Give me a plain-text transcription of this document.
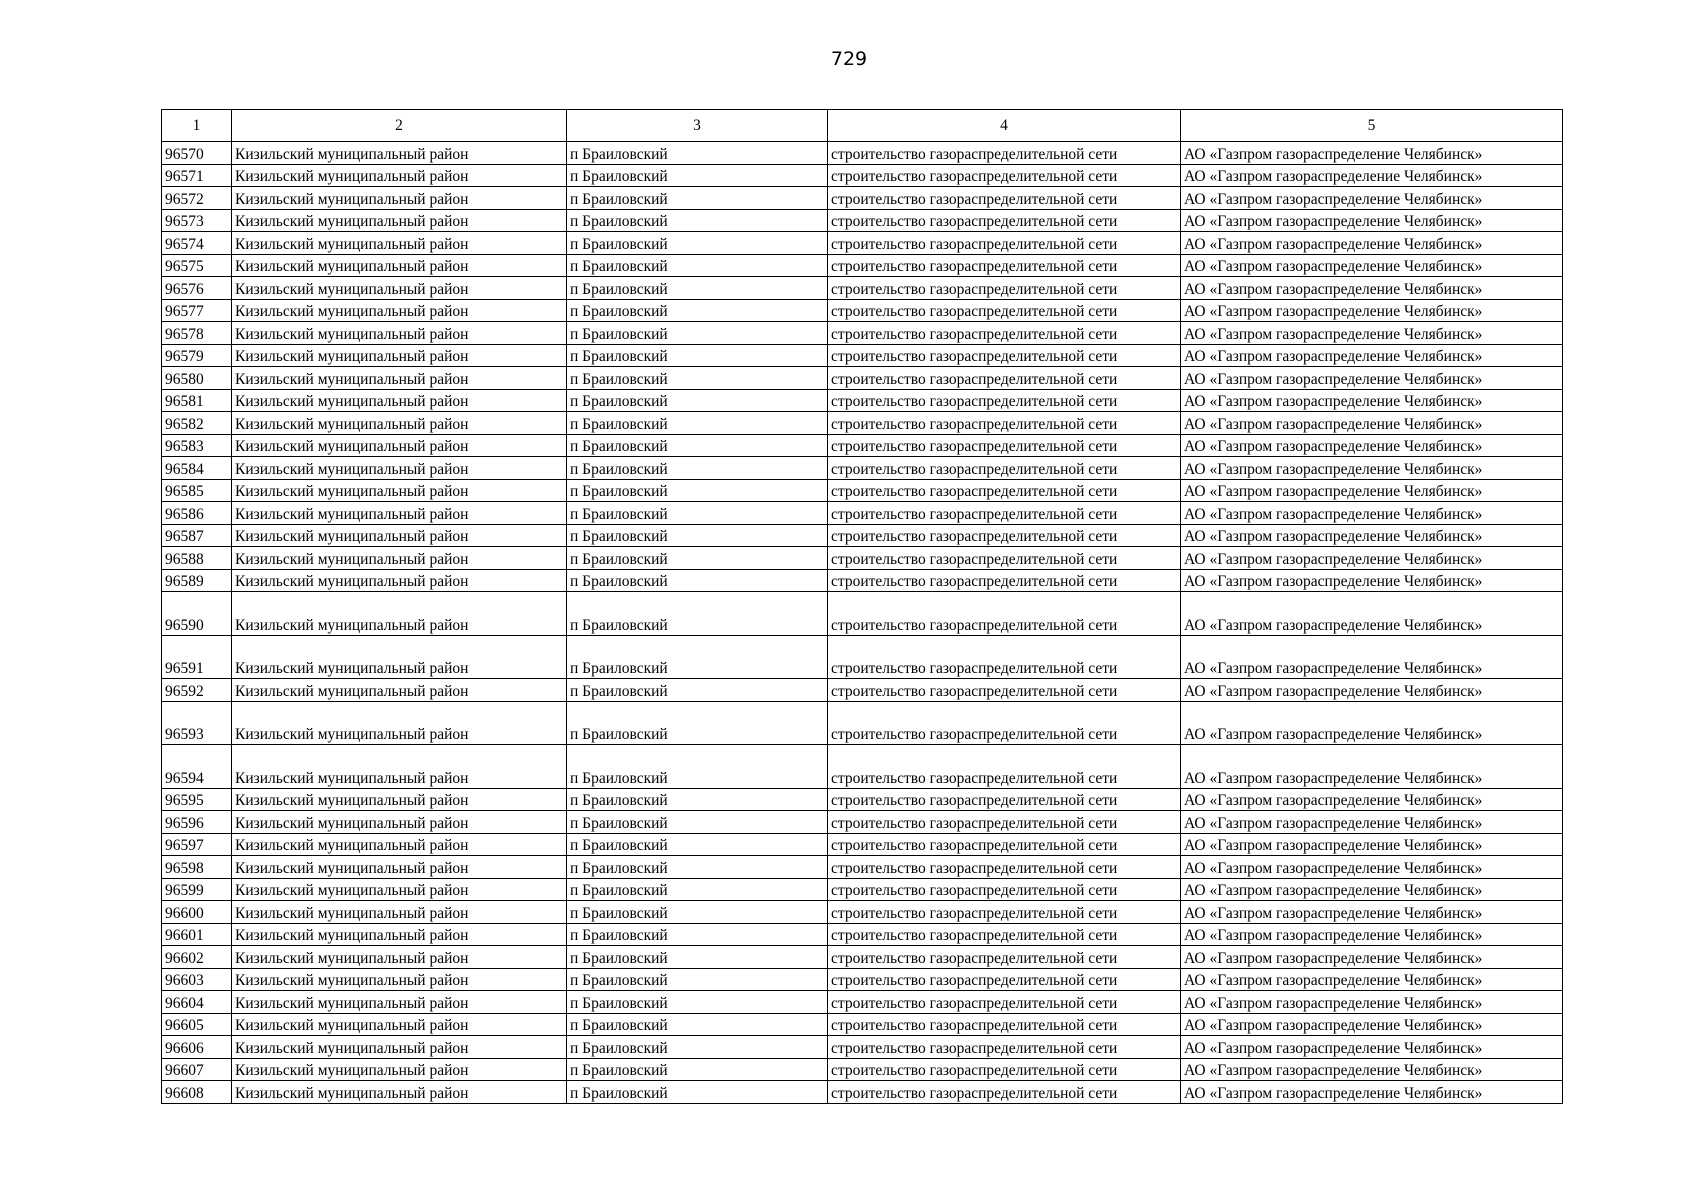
729
1	2	3	4	5
96570	Кизильский муниципальный район	п Браиловский	строительство газораспределительной сети	АО «Газпром газораспределение Челябинск»
96571	Кизильский муниципальный район	п Браиловский	строительство газораспределительной сети	АО «Газпром газораспределение Челябинск»
96572	Кизильский муниципальный район	п Браиловский	строительство газораспределительной сети	АО «Газпром газораспределение Челябинск»
96573	Кизильский муниципальный район	п Браиловский	строительство газораспределительной сети	АО «Газпром газораспределение Челябинск»
96574	Кизильский муниципальный район	п Браиловский	строительство газораспределительной сети	АО «Газпром газораспределение Челябинск»
96575	Кизильский муниципальный район	п Браиловский	строительство газораспределительной сети	АО «Газпром газораспределение Челябинск»
96576	Кизильский муниципальный район	п Браиловский	строительство газораспределительной сети	АО «Газпром газораспределение Челябинск»
96577	Кизильский муниципальный район	п Браиловский	строительство газораспределительной сети	АО «Газпром газораспределение Челябинск»
96578	Кизильский муниципальный район	п Браиловский	строительство газораспределительной сети	АО «Газпром газораспределение Челябинск»
96579	Кизильский муниципальный район	п Браиловский	строительство газораспределительной сети	АО «Газпром газораспределение Челябинск»
96580	Кизильский муниципальный район	п Браиловский	строительство газораспределительной сети	АО «Газпром газораспределение Челябинск»
96581	Кизильский муниципальный район	п Браиловский	строительство газораспределительной сети	АО «Газпром газораспределение Челябинск»
96582	Кизильский муниципальный район	п Браиловский	строительство газораспределительной сети	АО «Газпром газораспределение Челябинск»
96583	Кизильский муниципальный район	п Браиловский	строительство газораспределительной сети	АО «Газпром газораспределение Челябинск»
96584	Кизильский муниципальный район	п Браиловский	строительство газораспределительной сети	АО «Газпром газораспределение Челябинск»
96585	Кизильский муниципальный район	п Браиловский	строительство газораспределительной сети	АО «Газпром газораспределение Челябинск»
96586	Кизильский муниципальный район	п Браиловский	строительство газораспределительной сети	АО «Газпром газораспределение Челябинск»
96587	Кизильский муниципальный район	п Браиловский	строительство газораспределительной сети	АО «Газпром газораспределение Челябинск»
96588	Кизильский муниципальный район	п Браиловский	строительство газораспределительной сети	АО «Газпром газораспределение Челябинск»
96589	Кизильский муниципальный район	п Браиловский	строительство газораспределительной сети	АО «Газпром газораспределение Челябинск»
96590	Кизильский муниципальный район	п Браиловский	строительство газораспределительной сети	АО «Газпром газораспределение Челябинск»
96591	Кизильский муниципальный район	п Браиловский	строительство газораспределительной сети	АО «Газпром газораспределение Челябинск»
96592	Кизильский муниципальный район	п Браиловский	строительство газораспределительной сети	АО «Газпром газораспределение Челябинск»
96593	Кизильский муниципальный район	п Браиловский	строительство газораспределительной сети	АО «Газпром газораспределение Челябинск»
96594	Кизильский муниципальный район	п Браиловский	строительство газораспределительной сети	АО «Газпром газораспределение Челябинск»
96595	Кизильский муниципальный район	п Браиловский	строительство газораспределительной сети	АО «Газпром газораспределение Челябинск»
96596	Кизильский муниципальный район	п Браиловский	строительство газораспределительной сети	АО «Газпром газораспределение Челябинск»
96597	Кизильский муниципальный район	п Браиловский	строительство газораспределительной сети	АО «Газпром газораспределение Челябинск»
96598	Кизильский муниципальный район	п Браиловский	строительство газораспределительной сети	АО «Газпром газораспределение Челябинск»
96599	Кизильский муниципальный район	п Браиловский	строительство газораспределительной сети	АО «Газпром газораспределение Челябинск»
96600	Кизильский муниципальный район	п Браиловский	строительство газораспределительной сети	АО «Газпром газораспределение Челябинск»
96601	Кизильский муниципальный район	п Браиловский	строительство газораспределительной сети	АО «Газпром газораспределение Челябинск»
96602	Кизильский муниципальный район	п Браиловский	строительство газораспределительной сети	АО «Газпром газораспределение Челябинск»
96603	Кизильский муниципальный район	п Браиловский	строительство газораспределительной сети	АО «Газпром газораспределение Челябинск»
96604	Кизильский муниципальный район	п Браиловский	строительство газораспределительной сети	АО «Газпром газораспределение Челябинск»
96605	Кизильский муниципальный район	п Браиловский	строительство газораспределительной сети	АО «Газпром газораспределение Челябинск»
96606	Кизильский муниципальный район	п Браиловский	строительство газораспределительной сети	АО «Газпром газораспределение Челябинск»
96607	Кизильский муниципальный район	п Браиловский	строительство газораспределительной сети	АО «Газпром газораспределение Челябинск»
96608	Кизильский муниципальный район	п Браиловский	строительство газораспределительной сети	АО «Газпром газораспределение Челябинск»
